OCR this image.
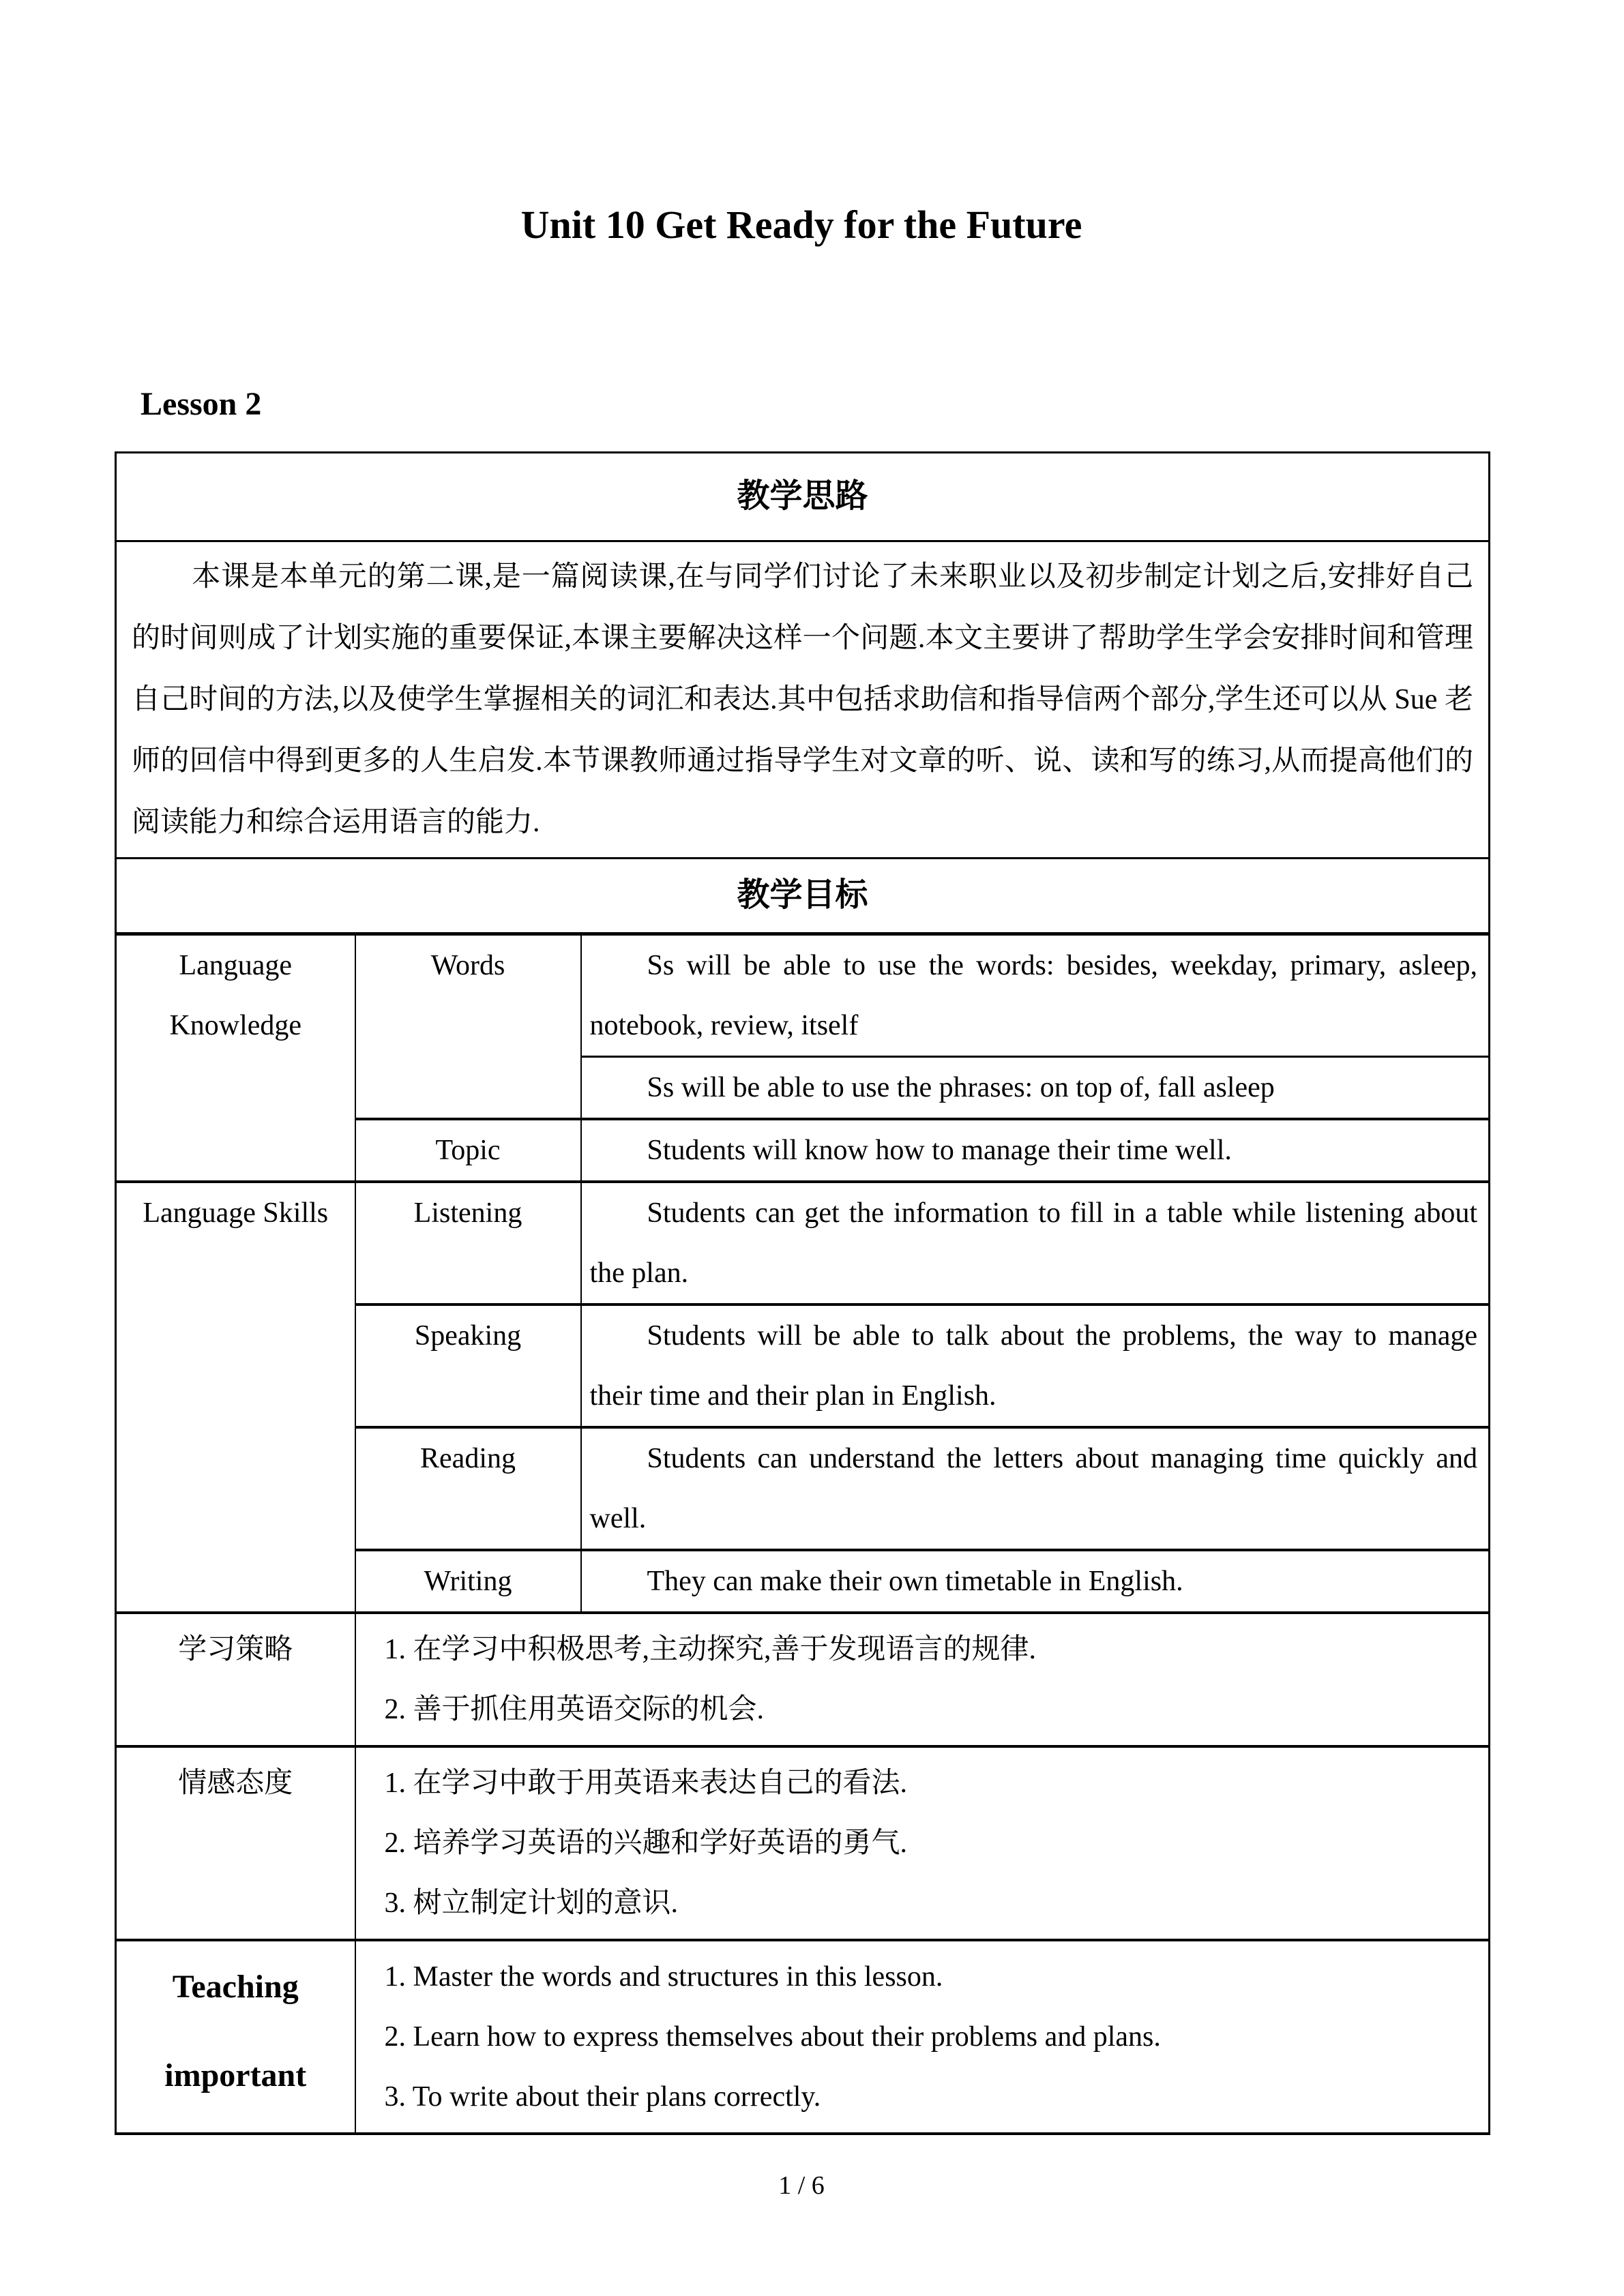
Unit 10 Get Ready for the Future
Lesson 2
教学思路		
本课是本单元的第二课,是一篇阅读课,在与同学们讨论了未来职业以及初步制定计划之后,安排好自己的时间则成了计划实施的重要保证,本课主要解决这样一个问题.本文主要讲了帮助学生学会安排时间和管理自己时间的方法,以及使学生掌握相关的词汇和表达.其中包括求助信和指导信两个部分,学生还可以从 Sue 老师的回信中得到更多的人生启发.本节课教师通过指导学生对文章的听、说、读和写的练习,从而提高他们的阅读能力和综合运用语言的能力.		
教学目标		
Language Knowledge	Words	Ss will be able to use the words: besides, weekday, primary, asleep, notebook, review, itself
		Ss will be able to use the phrases: on top of, fall asleep
	Topic	Students will know how to manage their time well.
Language Skills	Listening	Students can get the information to fill in a table while listening about the plan.
	Speaking	Students will be able to talk about the problems, the way to manage their time and their plan in English.
	Reading	Students can understand the letters about managing time quickly and well.
	Writing	They can make their own timetable in English.
学习策略	1. 在学习中积极思考,主动探究,善于发现语言的规律.
2. 善于抓住用英语交际的机会.	

情感态度	1. 在学习中敢于用英语来表达自己的看法.
2. 培养学习英语的兴趣和学好英语的勇气.
3. 树立制定计划的意识.	

Teaching important	1. Master the words and structures in this lesson.
2. Learn how to express themselves about their problems and plans.
3. To write about their plans correctly.	
1 / 6
